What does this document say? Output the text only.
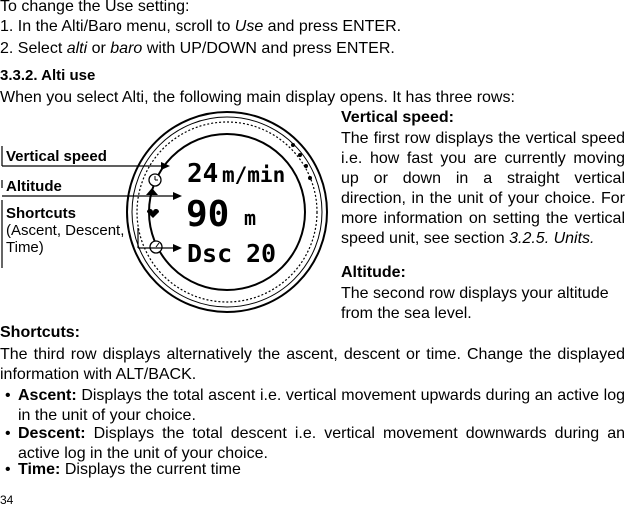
To change the Use setting:
1. In the Alti/Baro menu, scroll to Use and press ENTER.
2. Select alti or baro with UP/DOWN and press ENTER.
3.3.2. Alti use
When you select Alti, the following main display opens. It has three rows:
24 m/min
90 m
Dsc 20
Vertical speed
Altitude
Shortcuts
(Ascent, Descent,
Time)
Vertical speed:
The first row displays the vertical speed i.e. how fast you are currently moving up or down in a straight vertical direction, in the unit of your choice. For more information on setting the vertical speed unit, see section 3.2.5. Units.
Altitude:
The second row displays your altitude from the sea level.
Shortcuts:
The third row displays alternatively the ascent, descent or time. Change the displayed information with ALT/BACK.
• Ascent: Displays the total ascent i.e. vertical movement upwards during an active log in the unit of your choice.
• Descent: Displays the total descent i.e. vertical movement downwards during an active log in the unit of your choice.
• Time: Displays the current time
34
